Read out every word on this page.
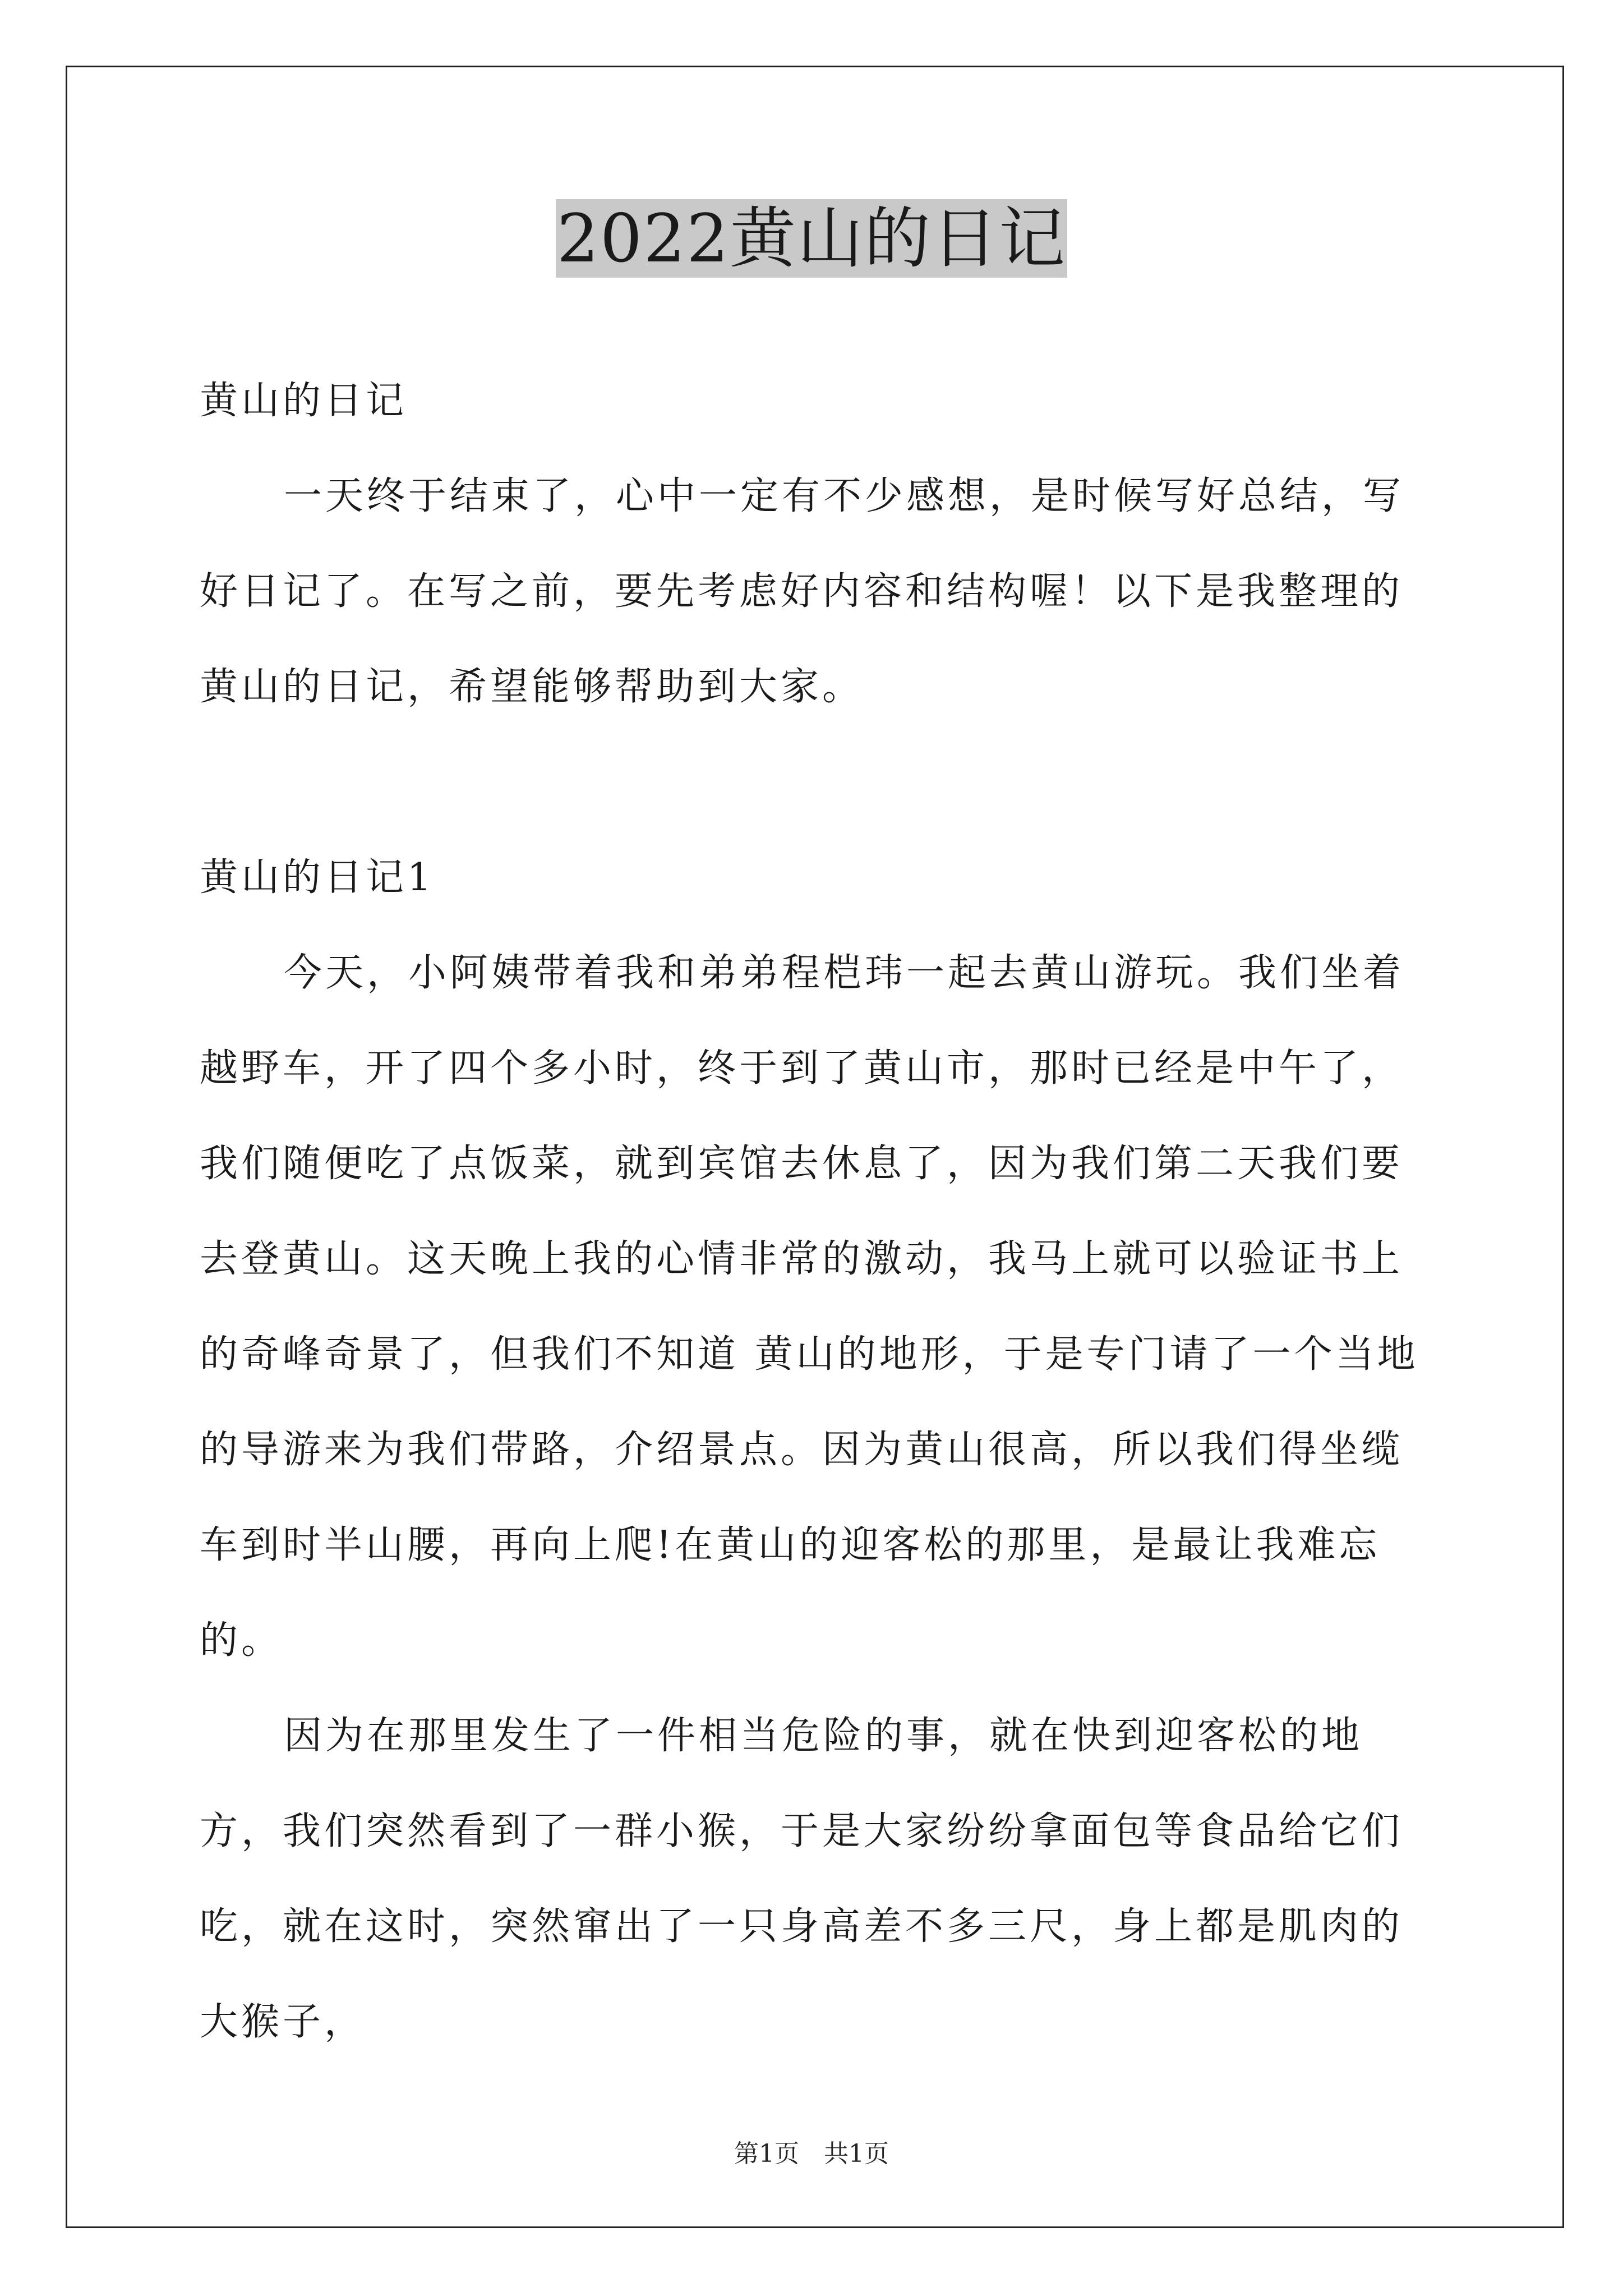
2022黄山的日记

黄山的日记

一天终于结束了，心中一定有不少感想，是时候写好总结，写好日记了。在写之前，要先考虑好内容和结构喔！以下是我整理的黄山的日记，希望能够帮助到大家。

黄山的日记1

今天，小阿姨带着我和弟弟程桤玮一起去黄山游玩。我们坐着越野车，开了四个多小时，终于到了黄山市，那时已经是中午了，我们随便吃了点饭菜，就到宾馆去休息了，因为我们第二天我们要去登黄山。这天晚上我的心情非常的激动，我马上就可以验证书上的奇峰奇景了，但我们不知道 黄山的地形，于是专门请了一个当地的导游来为我们带路，介绍景点。因为黄山很高，所以我们得坐缆车到时半山腰，再向上爬!在黄山的迎客松的那里，是最让我难忘的。

因为在那里发生了一件相当危险的事，就在快到迎客松的地方，我们突然看到了一群小猴，于是大家纷纷拿面包等食品给它们吃，就在这时，突然窜出了一只身高差不多三尺，身上都是肌肉的大猴子，

第1页　共1页
